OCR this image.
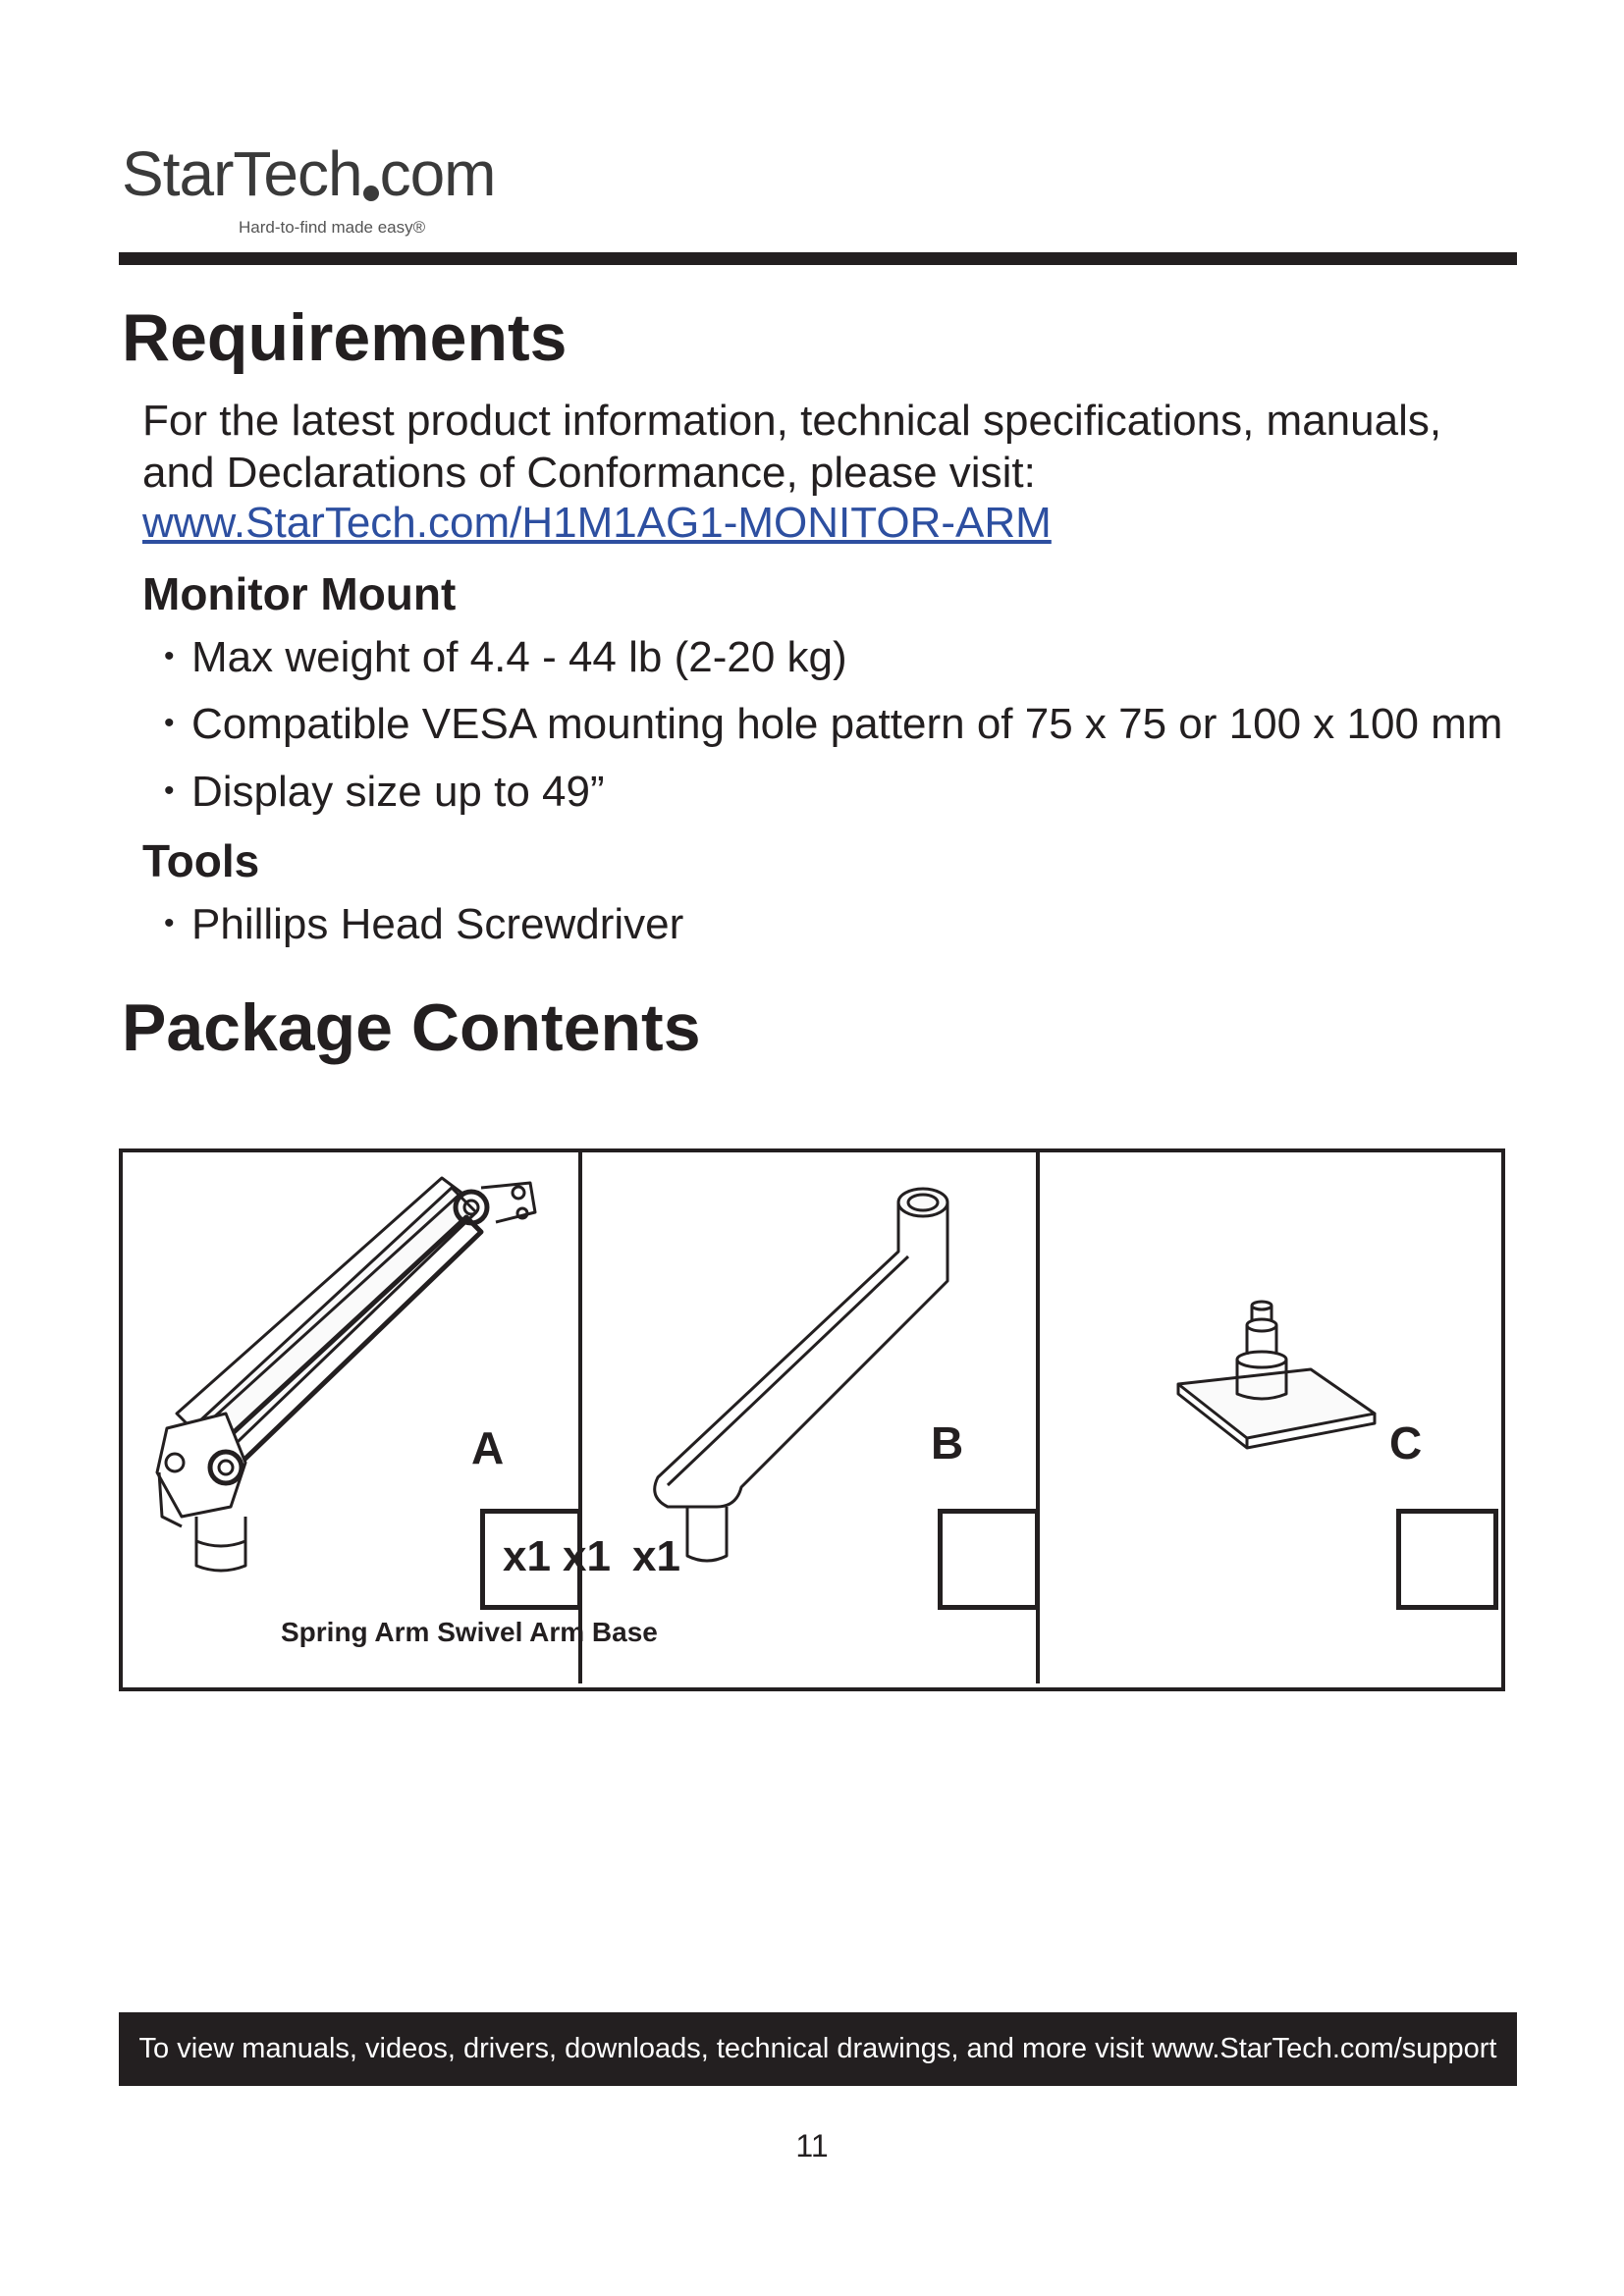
StarTech com
Hard-to-find made easy®
Requirements
For the latest product information, technical specifications, manuals, and Declarations of Conformance, please visit:
www.StarTech.com/H1M1AG1-MONITOR-ARM
Monitor Mount
• Max weight of 4.4 - 44 lb (2-20 kg)
• Compatible VESA mounting hole pattern of 75 x 75 or 100 x 100 mm
• Display size up to 49”
Tools
• Phillips Head Screwdriver
Package Contents
A	B	C
x1 x1 x1
Spring Arm Swivel Arm Base
To view manuals, videos, drivers, downloads, technical drawings, and more visit www.StarTech.com/support
11
